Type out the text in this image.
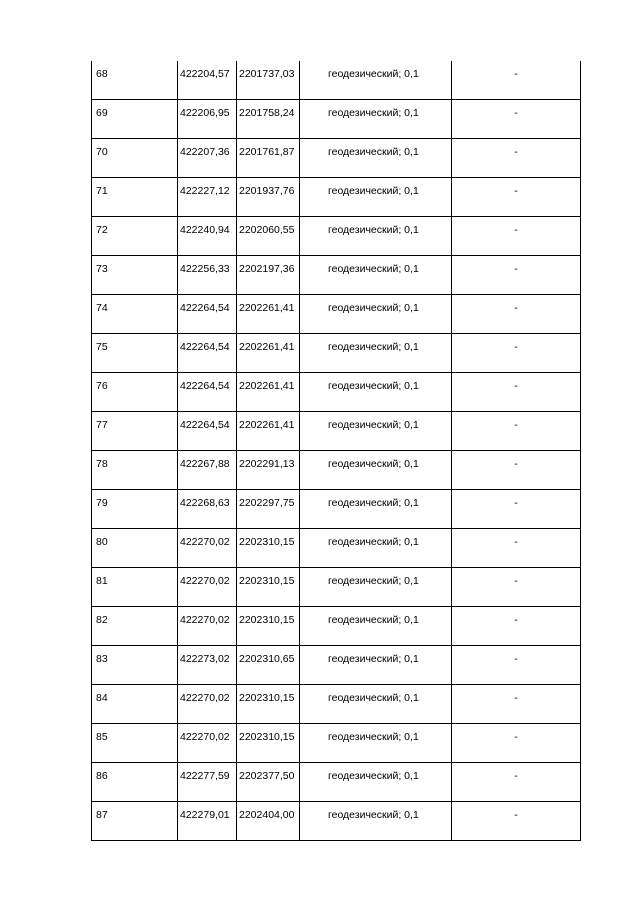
68	422204,57	2201737,03	геодезический; 0,1	-

69	422206,95	2201758,24	геодезический; 0,1	-

70	422207,36	2201761,87	геодезический; 0,1	-

71	422227,12	2201937,76	геодезический; 0,1	-

72	422240,94	2202060,55	геодезический; 0,1	-

73	422256,33	2202197,36	геодезический; 0,1	-

74	422264,54	2202261,41	геодезический; 0,1	-

75	422264,54	2202261,41	геодезический; 0,1	-

76	422264,54	2202261,41	геодезический; 0,1	-

77	422264,54	2202261,41	геодезический; 0,1	-

78	422267,88	2202291,13	геодезический; 0,1	-

79	422268,63	2202297,75	геодезический; 0,1	-

80	422270,02	2202310,15	геодезический; 0,1	-

81	422270,02	2202310,15	геодезический; 0,1	-

82	422270,02	2202310,15	геодезический; 0,1	-

83	422273,02	2202310,65	геодезический; 0,1	-

84	422270,02	2202310,15	геодезический; 0,1	-

85	422270,02	2202310,15	геодезический; 0,1	-

86	422277,59	2202377,50	геодезический; 0,1	-

87	422279,01	2202404,00	геодезический; 0,1	-
